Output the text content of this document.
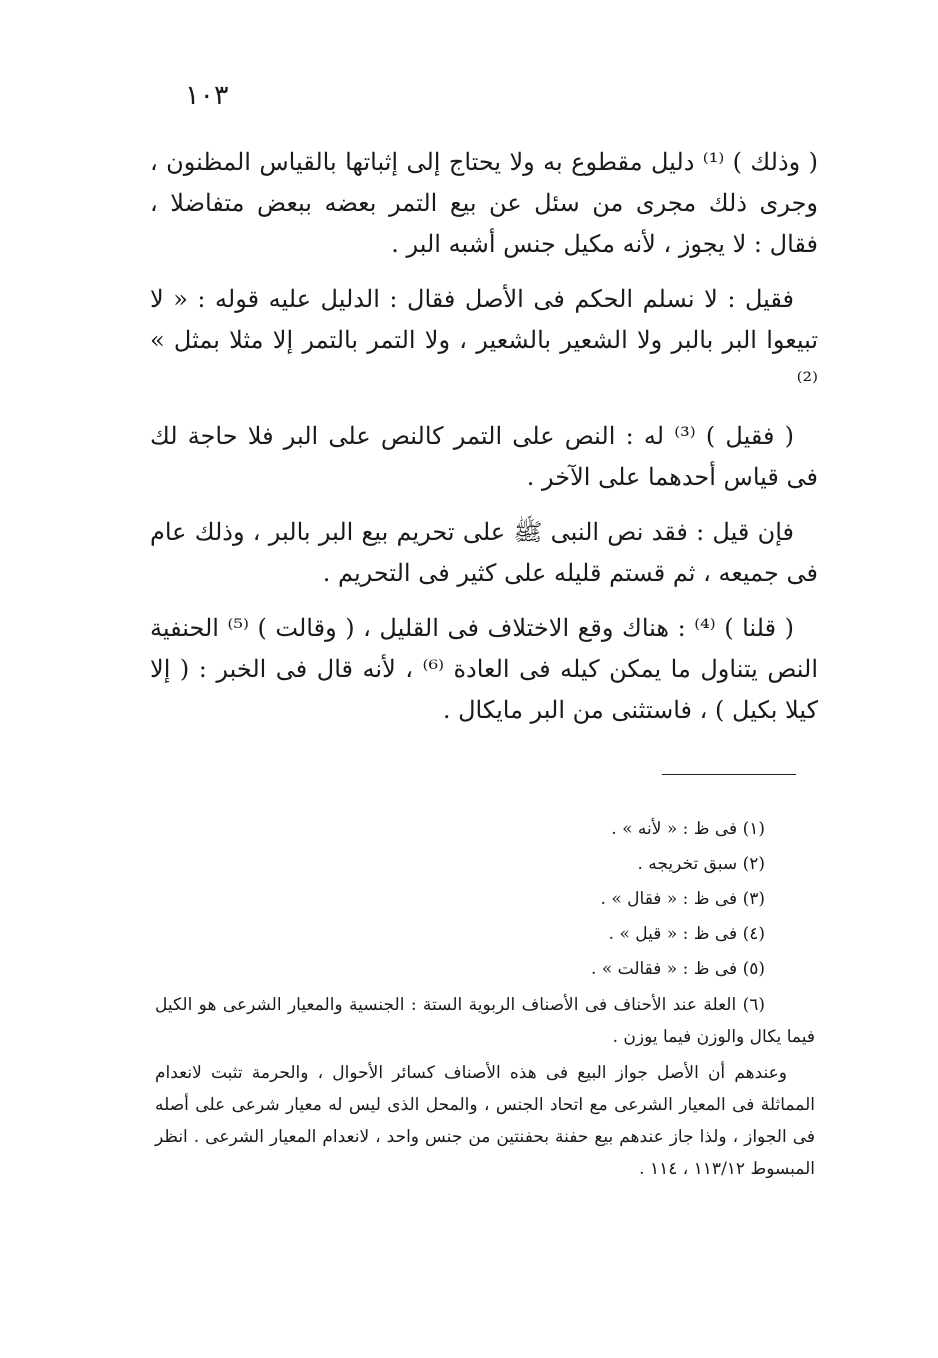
١٠٣

( وذلك ) ⁽¹⁾ دليل مقطوع به ولا يحتاج إلى إثباتها بالقياس المظنون ، وجرى ذلك مجرى من سئل عن بيع التمر بعضه ببعض متفاضلا ، فقال : لا يجوز ، لأنه مكيل جنس أشبه البر .

فقيل : لا نسلم الحكم فى الأصل فقال : الدليل عليه قوله : « لا تبيعوا البر بالبر ولا الشعير بالشعير ، ولا التمر بالتمر إلا مثلا بمثل » ⁽²⁾

( فقيل ) ⁽³⁾ له : النص على التمر كالنص على البر فلا حاجة لك فى قياس أحدهما على الآخر .

فإن قيل : فقد نص النبى ﷺ على تحريم بيع البر بالبر ، وذلك عام فى جميعه ، ثم قستم قليله على كثير فى التحريم .

( قلنا ) ⁽⁴⁾ : هناك وقع الاختلاف فى القليل ، ( وقالت ) ⁽⁵⁾ الحنفية النص يتناول ما يمكن كيله فى العادة ⁽⁶⁾ ، لأنه قال فى الخبر : ( إلا كيلا بكيل ) ، فاستثنى من البر مايكال .

(١) فى ظ : « لأنه » .

(٢) سبق تخريجه .

(٣) فى ظ : « فقال » .

(٤) فى ظ : « قيل » .

(٥) فى ظ : « فقالت » .

(٦) العلة عند الأحناف فى الأصناف الربوية الستة : الجنسية والمعيار الشرعى هو الكيل فيما يكال والوزن فيما يوزن .

وعندهم أن الأصل جواز البيع فى هذه الأصناف كسائر الأحوال ، والحرمة تثبت لانعدام المماثلة فى المعيار الشرعى مع اتحاد الجنس ، والمحل الذى ليس له معيار شرعى على أصله فى الجواز ، ولذا جاز عندهم بيع حفنة بحفنتين من جنس واحد ، لانعدام المعيار الشرعى . انظر المبسوط ١١٣/١٢ ، ١١٤ .
